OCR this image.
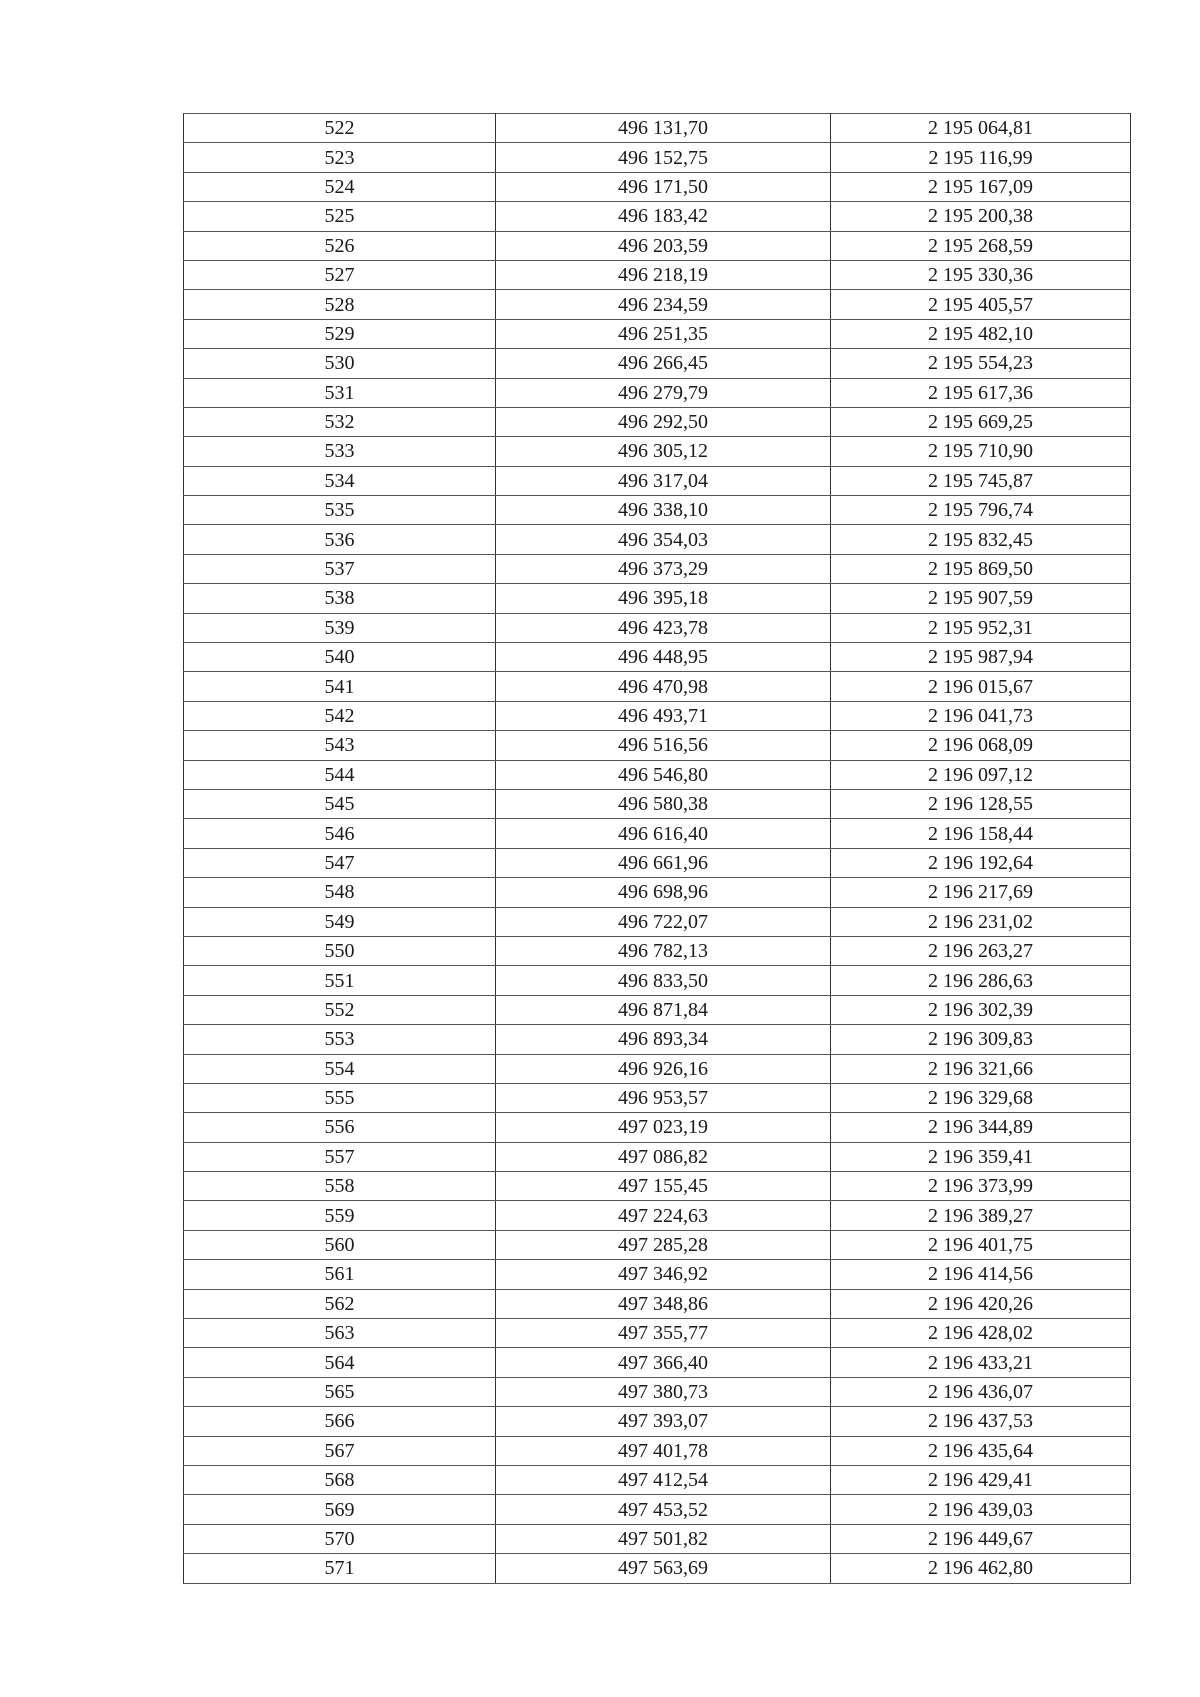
522	496 131,70	2 195 064,81
523	496 152,75	2 195 116,99
524	496 171,50	2 195 167,09
525	496 183,42	2 195 200,38
526	496 203,59	2 195 268,59
527	496 218,19	2 195 330,36
528	496 234,59	2 195 405,57
529	496 251,35	2 195 482,10
530	496 266,45	2 195 554,23
531	496 279,79	2 195 617,36
532	496 292,50	2 195 669,25
533	496 305,12	2 195 710,90
534	496 317,04	2 195 745,87
535	496 338,10	2 195 796,74
536	496 354,03	2 195 832,45
537	496 373,29	2 195 869,50
538	496 395,18	2 195 907,59
539	496 423,78	2 195 952,31
540	496 448,95	2 195 987,94
541	496 470,98	2 196 015,67
542	496 493,71	2 196 041,73
543	496 516,56	2 196 068,09
544	496 546,80	2 196 097,12
545	496 580,38	2 196 128,55
546	496 616,40	2 196 158,44
547	496 661,96	2 196 192,64
548	496 698,96	2 196 217,69
549	496 722,07	2 196 231,02
550	496 782,13	2 196 263,27
551	496 833,50	2 196 286,63
552	496 871,84	2 196 302,39
553	496 893,34	2 196 309,83
554	496 926,16	2 196 321,66
555	496 953,57	2 196 329,68
556	497 023,19	2 196 344,89
557	497 086,82	2 196 359,41
558	497 155,45	2 196 373,99
559	497 224,63	2 196 389,27
560	497 285,28	2 196 401,75
561	497 346,92	2 196 414,56
562	497 348,86	2 196 420,26
563	497 355,77	2 196 428,02
564	497 366,40	2 196 433,21
565	497 380,73	2 196 436,07
566	497 393,07	2 196 437,53
567	497 401,78	2 196 435,64
568	497 412,54	2 196 429,41
569	497 453,52	2 196 439,03
570	497 501,82	2 196 449,67
571	497 563,69	2 196 462,80
